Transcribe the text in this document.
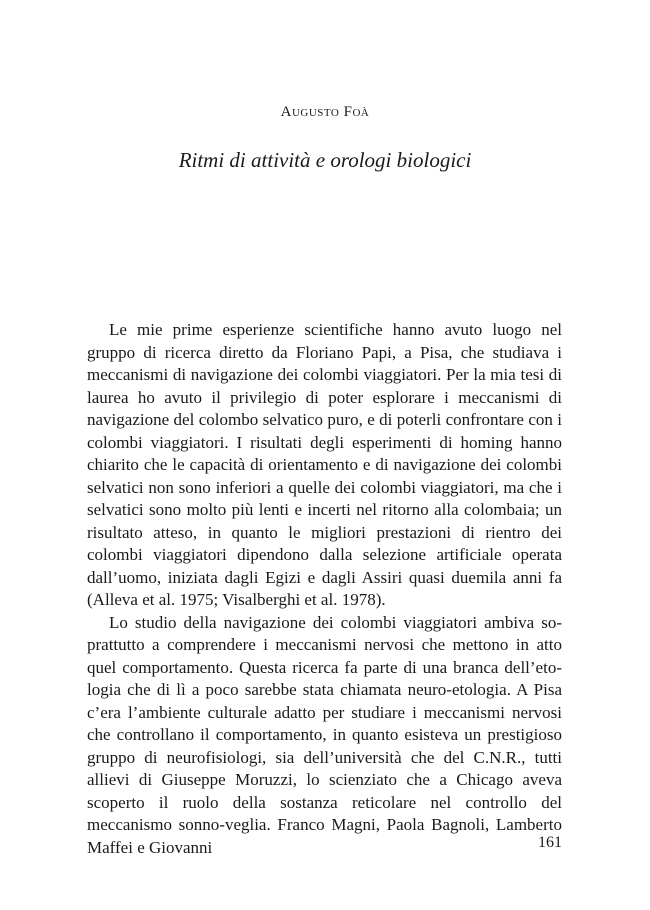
Augusto Foà
Ritmi di attività e orologi biologici

Le mie prime esperienze scientifiche hanno avuto luogo nel gruppo di ricerca diretto da Floriano Papi, a Pisa, che studiava i meccanismi di navigazione dei colombi viaggiatori. Per la mia tesi di laurea ho avuto il privilegio di poter esplorare i meccanismi di navigazione del colombo selvatico puro, e di poterli confrontare con i colombi viaggiatori. I risultati degli esperimenti di homing hanno chiarito che le capacità di orientamento e di navigazione dei colombi selvatici non sono inferiori a quelle dei colombi viaggiatori, ma che i selvatici sono molto più lenti e incerti nel ritorno alla colombaia; un risultato atteso, in quanto le migliori prestazioni di rientro dei colombi viaggiatori dipendono dalla selezione artificiale operata dall’uomo, iniziata dagli Egizi e dagli Assiri quasi duemila anni fa (Alleva et al. 1975; Visalberghi et al. 1978).

Lo studio della navigazione dei colombi viaggiatori ambiva soprattutto a comprendere i meccanismi nervosi che mettono in atto quel comportamento. Questa ricerca fa parte di una branca dell’etologia che di lì a poco sarebbe stata chiamata neuro-etologia. A Pisa c’era l’ambiente culturale adatto per studiare i meccanismi nervosi che controllano il comportamento, in quanto esisteva un prestigioso gruppo di neurofisiologi, sia dell’università che del C.N.R., tutti allievi di Giuseppe Moruzzi, lo scienziato che a Chicago aveva scoperto il ruolo della sostanza reticolare nel controllo del meccanismo sonno-veglia. Franco Magni, Paola Bagnoli, Lamberto Maffei e Giovanni	161
